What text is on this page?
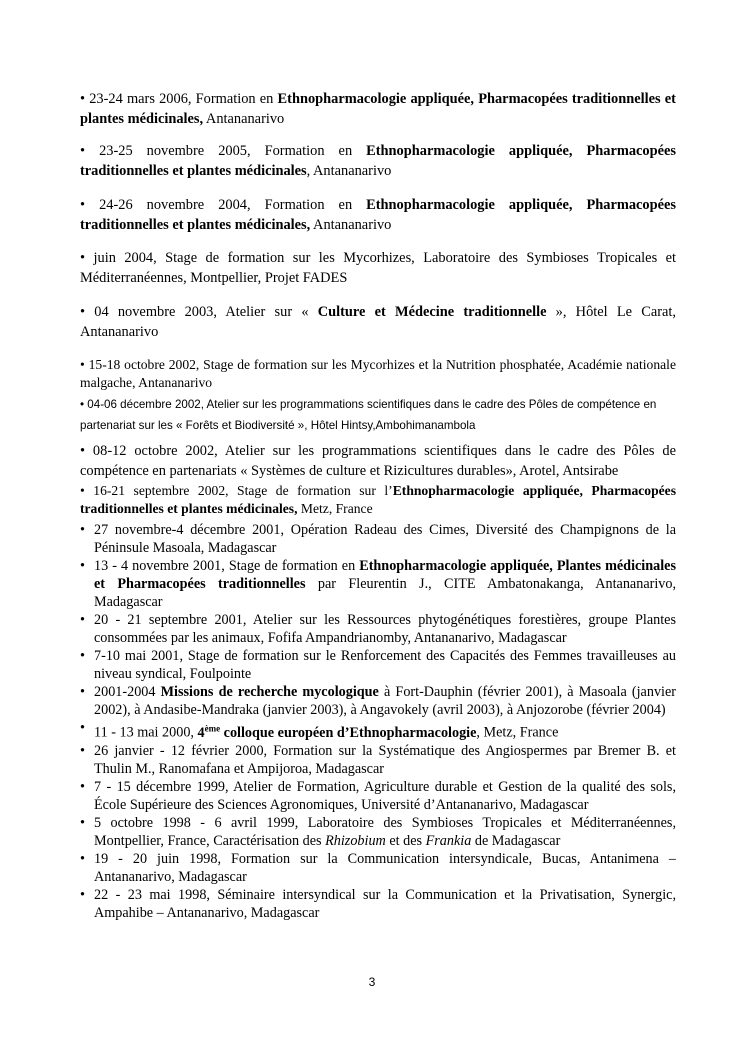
• 23-24 mars 2006, Formation en Ethnopharmacologie appliquée, Pharmacopées traditionnelles et plantes médicinales, Antananarivo
• 23-25 novembre 2005, Formation en Ethnopharmacologie appliquée, Pharmacopées traditionnelles et plantes médicinales, Antananarivo
• 24-26 novembre 2004, Formation en Ethnopharmacologie appliquée, Pharmacopées traditionnelles et plantes médicinales, Antananarivo
• juin 2004, Stage de formation sur les Mycorhizes, Laboratoire des Symbioses Tropicales et Méditerranéennes, Montpellier, Projet FADES
• 04 novembre 2003, Atelier sur « Culture et Médecine traditionnelle », Hôtel Le Carat, Antananarivo
• 15-18 octobre 2002, Stage de formation sur les Mycorhizes et la Nutrition phosphatée, Académie nationale malgache, Antananarivo
• 04-06 décembre 2002, Atelier sur les programmations scientifiques dans le cadre des Pôles de compétence en partenariat sur les « Forêts et Biodiversité », Hôtel Hintsy,Ambohimanambola
• 08-12 octobre 2002, Atelier sur les programmations scientifiques dans le cadre des Pôles de compétence en partenariats « Systèmes de culture et Rizicultures durables», Arotel, Antsirabe
• 16-21 septembre 2002, Stage de formation sur l’Ethnopharmacologie appliquée, Pharmacopées traditionnelles et plantes médicinales, Metz, France
• 27 novembre-4 décembre 2001, Opération Radeau des Cimes, Diversité des Champignons de la Péninsule Masoala, Madagascar
• 13 - 4 novembre 2001, Stage de formation en Ethnopharmacologie appliquée, Plantes médicinales et Pharmacopées traditionnelles par Fleurentin J., CITE Ambatonakanga, Antananarivo, Madagascar
• 20 - 21 septembre 2001, Atelier sur les Ressources phytogénétiques forestières, groupe Plantes consommées par les animaux, Fofifa Ampandrianomby, Antananarivo, Madagascar
• 7-10 mai 2001, Stage de formation sur le Renforcement des Capacités des Femmes travailleuses au niveau syndical, Foulpointe
• 2001-2004 Missions de recherche mycologique à Fort-Dauphin (février 2001), à Masoala (janvier 2002), à Andasibe-Mandraka (janvier 2003), à Angavokely (avril 2003), à Anjozorobe (février 2004)
• 11 - 13 mai 2000, 4ème colloque européen d’Ethnopharmacologie, Metz, France
• 26 janvier - 12 février 2000, Formation sur la Systématique des Angiospermes par Bremer B. et Thulin M., Ranomafana et Ampijoroa, Madagascar
• 7 - 15 décembre 1999, Atelier de Formation, Agriculture durable et Gestion de la qualité des sols, École Supérieure des Sciences Agronomiques, Université d’Antananarivo, Madagascar
• 5 octobre 1998 - 6 avril 1999, Laboratoire des Symbioses Tropicales et Méditerranéennes, Montpellier, France, Caractérisation des Rhizobium et des Frankia de Madagascar
• 19 - 20 juin 1998, Formation sur la Communication intersyndicale, Bucas, Antanimena – Antananarivo, Madagascar
• 22 - 23 mai 1998, Séminaire intersyndical sur la Communication et la Privatisation, Synergic, Ampahibe – Antananarivo, Madagascar
3
